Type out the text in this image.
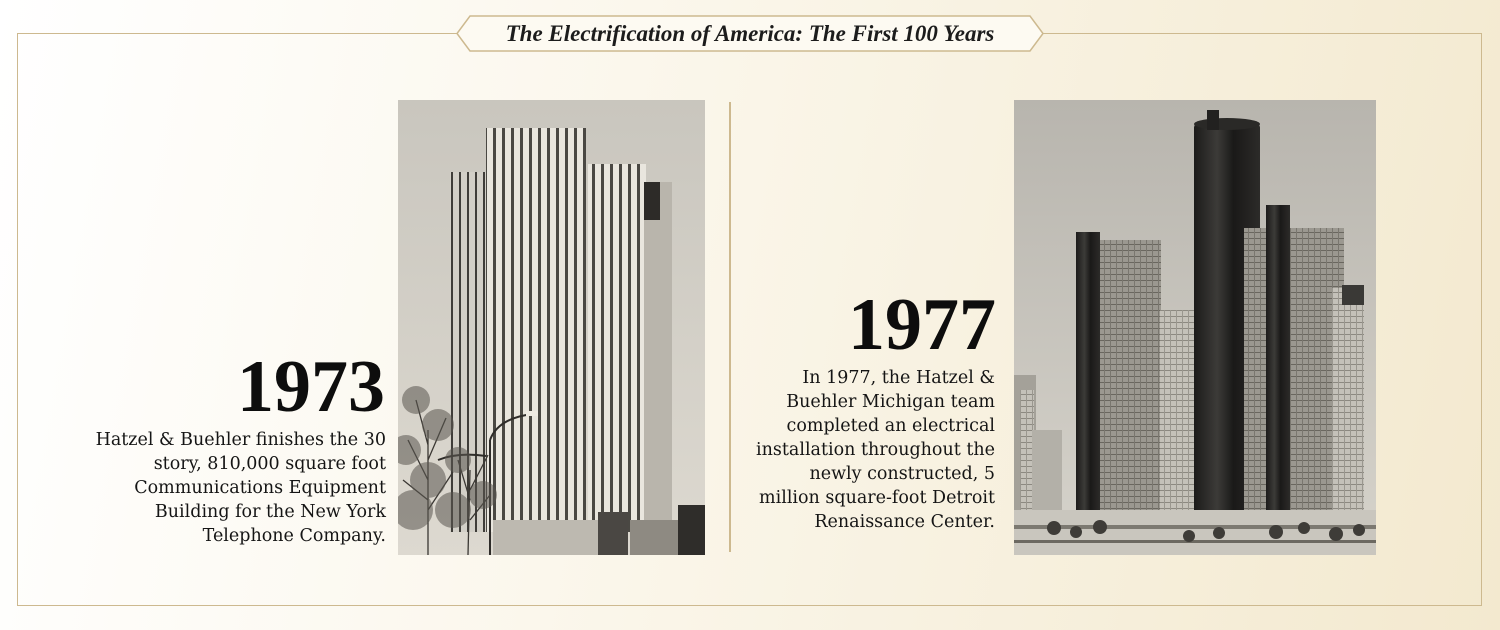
The Electrification of America: The First 100 Years
1973
Hatzel & Buehler finishes the 30 story, 810,000 square foot Communications Equipment Building for the New York Telephone Company.
1977
In 1977, the Hatzel & Buehler Michigan team completed an electrical installation throughout the newly constructed, 5 million square-foot Detroit Renaissance Center.
